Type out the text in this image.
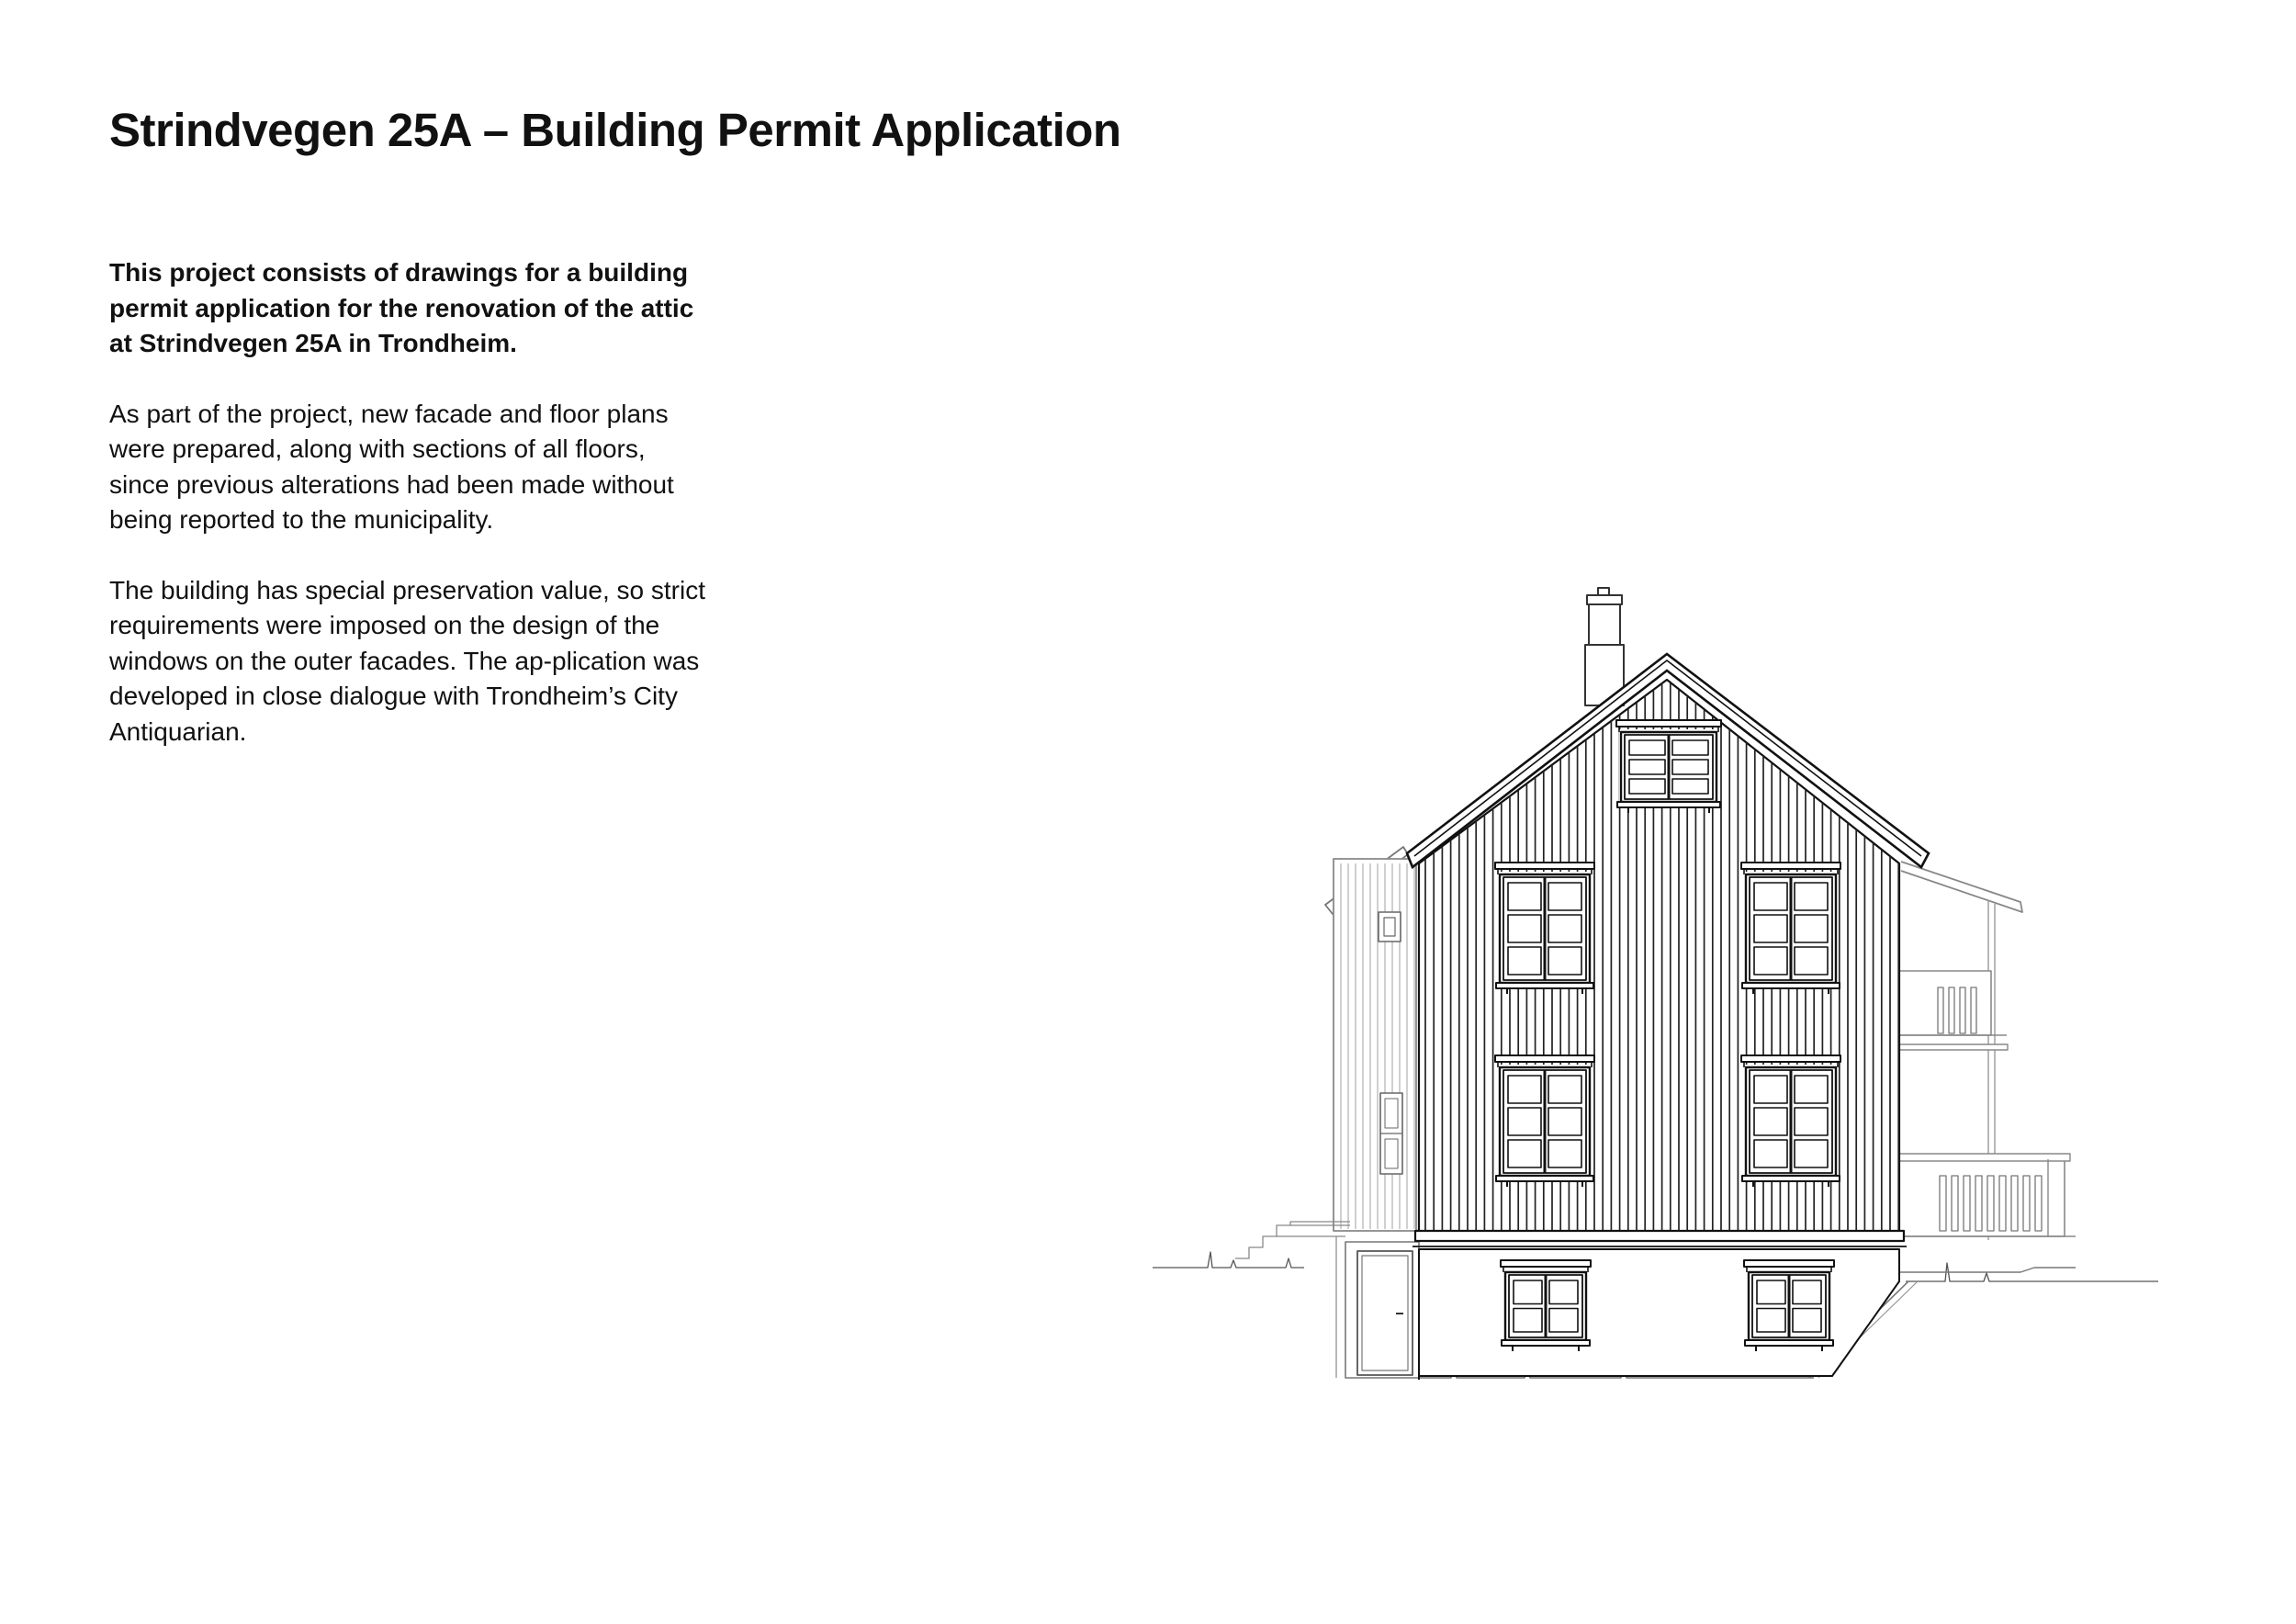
Strindvegen 25A – Building Permit Application

This project consists of drawings for a building permit application for the renovation of the attic at Strindvegen 25A in Trondheim.

As part of the project, new facade and floor plans were prepared, along with sections of all floors, since previous alterations had been made without being reported to the municipality.

The building has special preservation value, so strict requirements were imposed on the design of the windows on the outer facades. The ap-plication was developed in close dialogue with Trondheim’s City Antiquarian.
